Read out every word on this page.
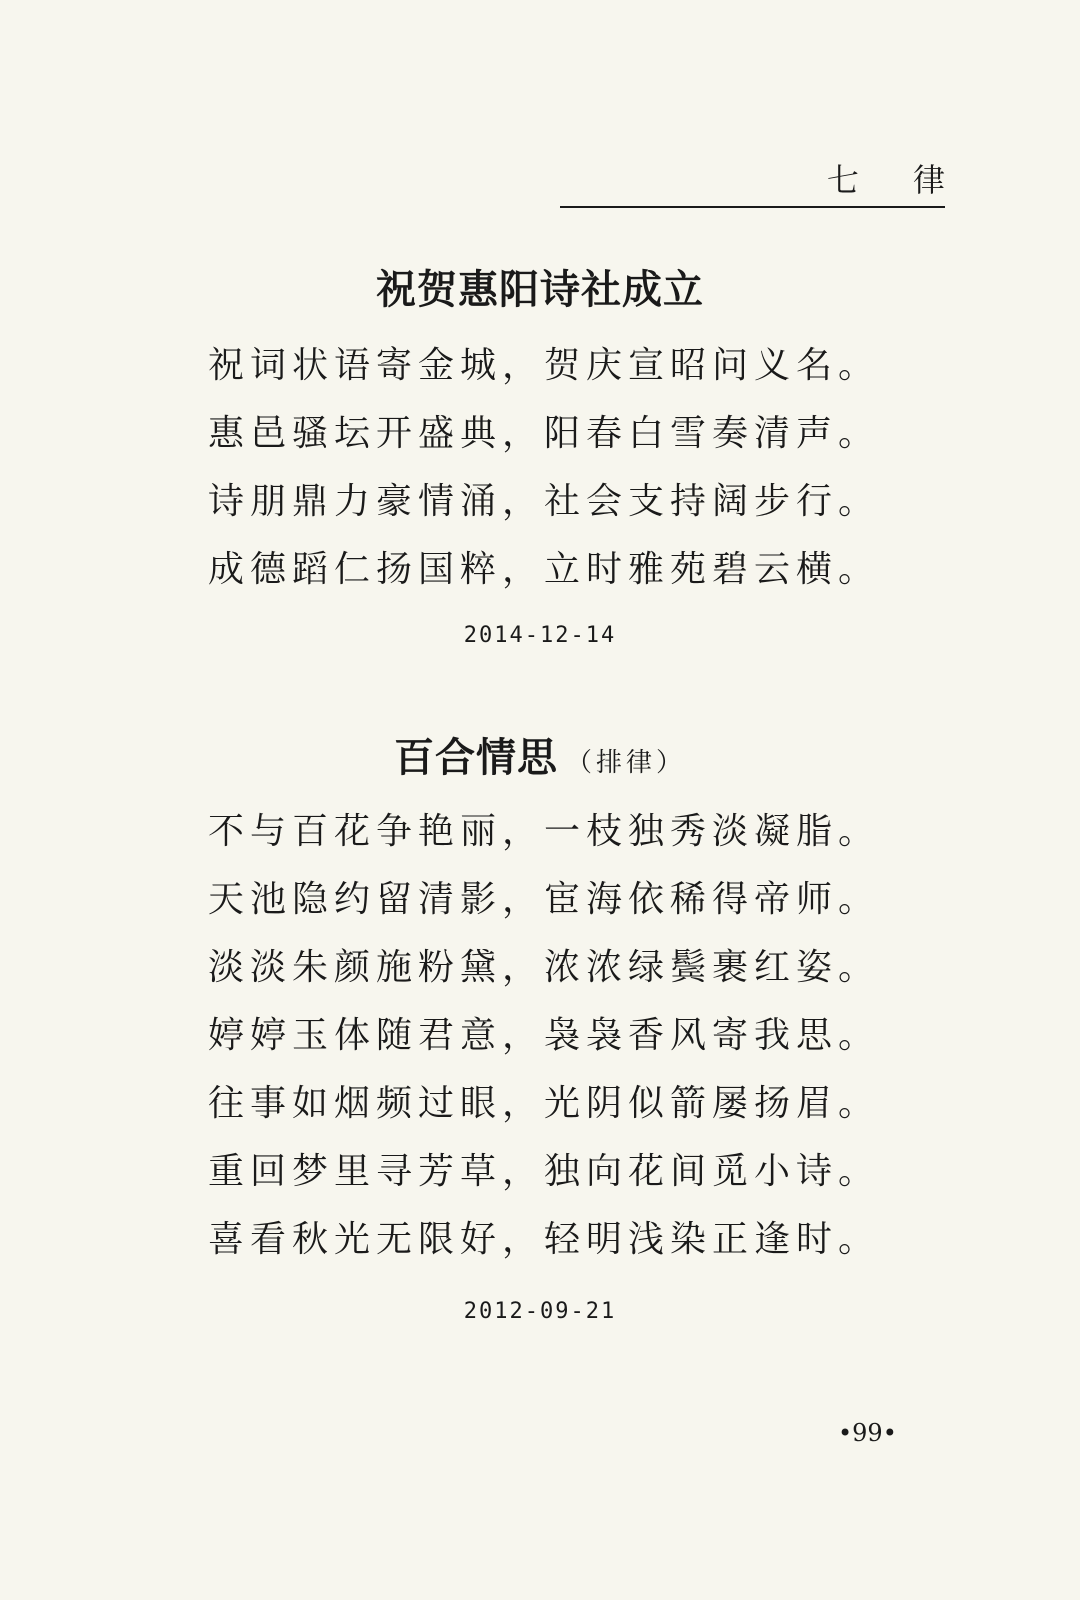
七 律
祝贺惠阳诗社成立
祝词状语寄金城，贺庆宣昭问义名。
惠邑骚坛开盛典，阳春白雪奏清声。
诗朋鼎力豪情涌，社会支持阔步行。
成德蹈仁扬国粹，立时雅苑碧云横。
2014-12-14
百合情思 （排律）
不与百花争艳丽，一枝独秀淡凝脂。
天池隐约留清影，宦海依稀得帝师。
淡淡朱颜施粉黛，浓浓绿鬓裹红姿。
婷婷玉体随君意，袅袅香风寄我思。
往事如烟频过眼，光阴似箭屡扬眉。
重回梦里寻芳草，独向花间觅小诗。
喜看秋光无限好，轻明浅染正逢时。
2012-09-21
•99•
